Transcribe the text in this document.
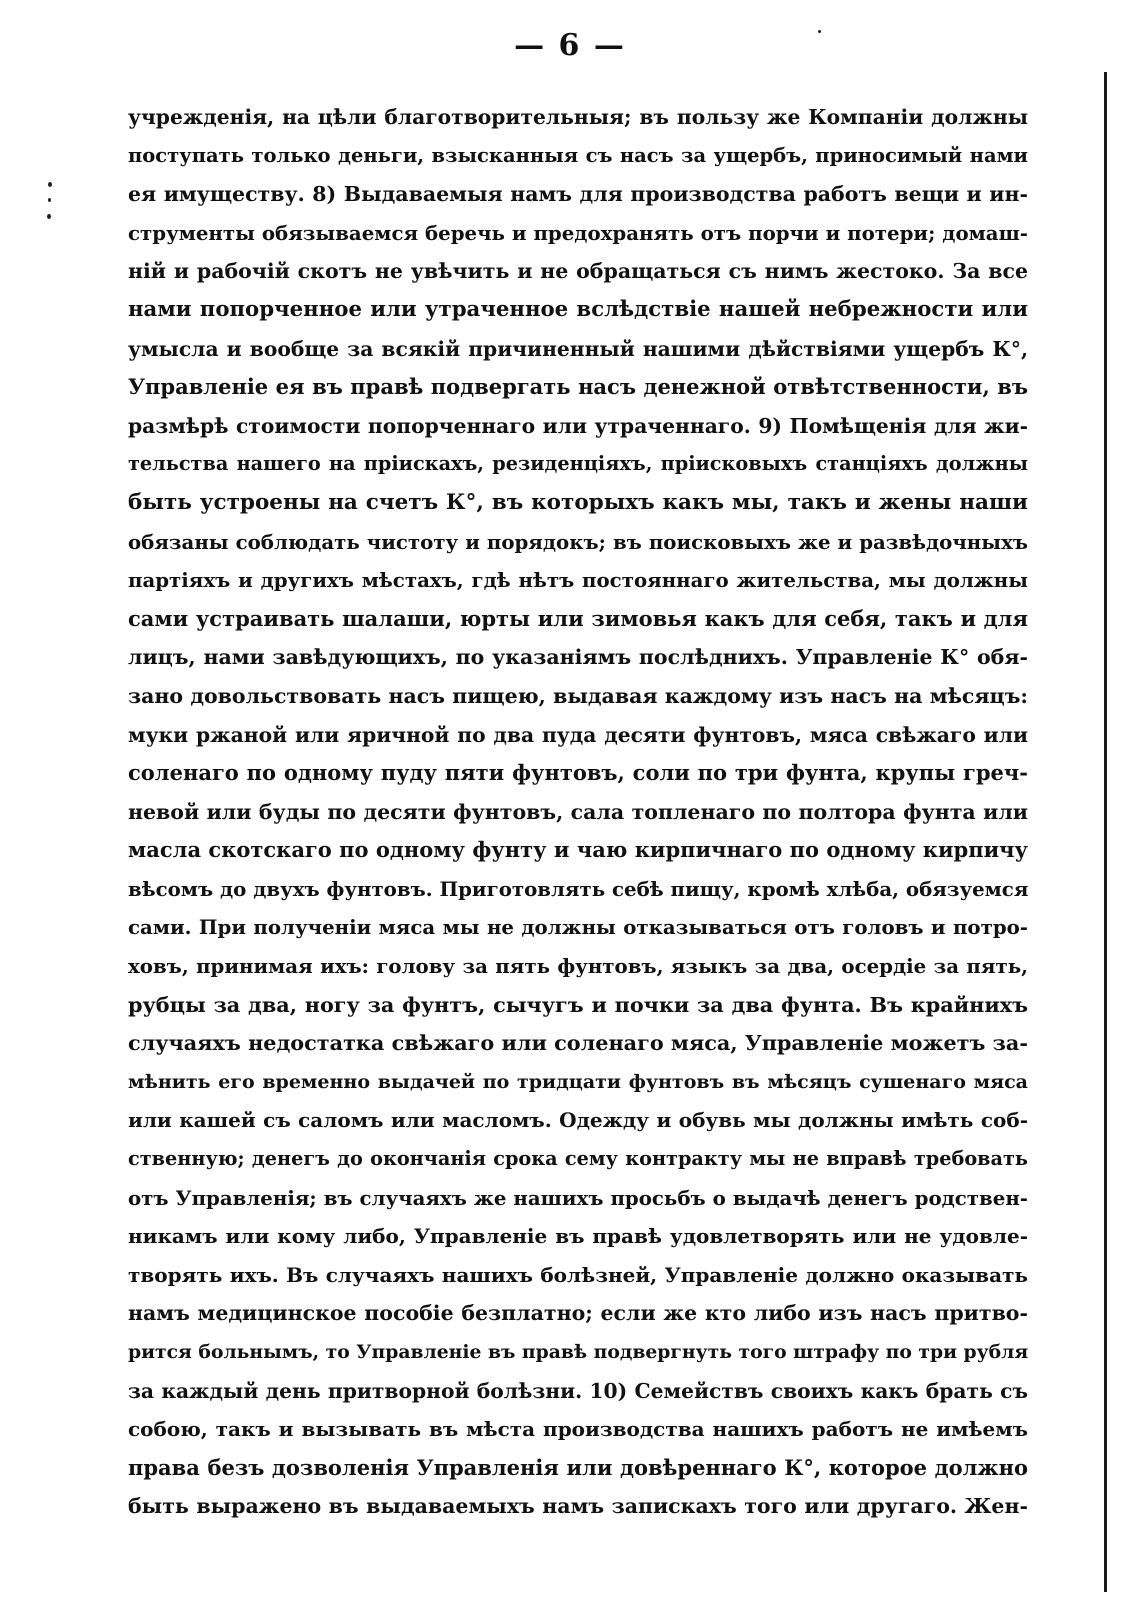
— 6 —
учрежденія, на цѣли благотворительныя; въ пользу же Компаніи должны
поступать только деньги, взысканныя съ насъ за ущербъ, приносимый нами
ея имуществу. 8) Выдаваемыя намъ для производства работъ вещи и ин-
струменты обязываемся беречь и предохранять отъ порчи и потери; домаш-
ній и рабочій скотъ не увѣчить и не обращаться съ нимъ жестоко. За все
нами попорченное или утраченное вслѣдствіе нашей небрежности или
умысла и вообще за всякій причиненный нашими дѣйствіями ущербъ К°,
Управленіе ея въ правѣ подвергать насъ денежной отвѣтственности, въ
размѣрѣ стоимости попорченнаго или утраченнаго. 9) Помѣщенія для жи-
тельства нашего на пріискахъ, резиденціяхъ, пріисковыхъ станціяхъ должны
быть устроены на счетъ К°, въ которыхъ какъ мы, такъ и жены наши
обязаны соблюдать чистоту и порядокъ; въ поисковыхъ же и развѣдочныхъ
партіяхъ и другихъ мѣстахъ, гдѣ нѣтъ постояннаго жительства, мы должны
сами устраивать шалаши, юрты или зимовья какъ для себя, такъ и для
лицъ, нами завѣдующихъ, по указаніямъ послѣднихъ. Управленіе К° обя-
зано довольствовать насъ пищею, выдавая каждому изъ насъ на мѣсяцъ:
муки ржаной или яричной по два пуда десяти фунтовъ, мяса свѣжаго или
соленаго по одному пуду пяти фунтовъ, соли по три фунта, крупы греч-
невой или буды по десяти фунтовъ, сала топленаго по полтора фунта или
масла скотскаго по одному фунту и чаю кирпичнаго по одному кирпичу
вѣсомъ до двухъ фунтовъ. Приготовлять себѣ пищу, кромѣ хлѣба, обязуемся
сами. При полученіи мяса мы не должны отказываться отъ головъ и потро-
ховъ, принимая ихъ: голову за пять фунтовъ, языкъ за два, осердіе за пять,
рубцы за два, ногу за фунтъ, сычугъ и почки за два фунта. Въ крайнихъ
случаяхъ недостатка свѣжаго или соленаго мяса, Управленіе можетъ за-
мѣнить его временно выдачей по тридцати фунтовъ въ мѣсяцъ сушенаго мяса
или кашей съ саломъ или масломъ. Одежду и обувь мы должны имѣть соб-
ственную; денегъ до окончанія срока сему контракту мы не вправѣ требовать
отъ Управленія; въ случаяхъ же нашихъ просьбъ о выдачѣ денегъ родствен-
никамъ или кому либо, Управленіе въ правѣ удовлетворять или не удовле-
творять ихъ. Въ случаяхъ нашихъ болѣзней, Управленіе должно оказывать
намъ медицинское пособіе безплатно; если же кто либо изъ насъ притво-
рится больнымъ, то Управленіе въ правѣ подвергнуть того штрафу по три рубля
за каждый день притворной болѣзни. 10) Семействъ своихъ какъ брать съ
собою, такъ и вызывать въ мѣста производства нашихъ работъ не имѣемъ
права безъ дозволенія Управленія или довѣреннаго К°, которое должно
быть выражено въ выдаваемыхъ намъ запискахъ того или другаго. Жен-
